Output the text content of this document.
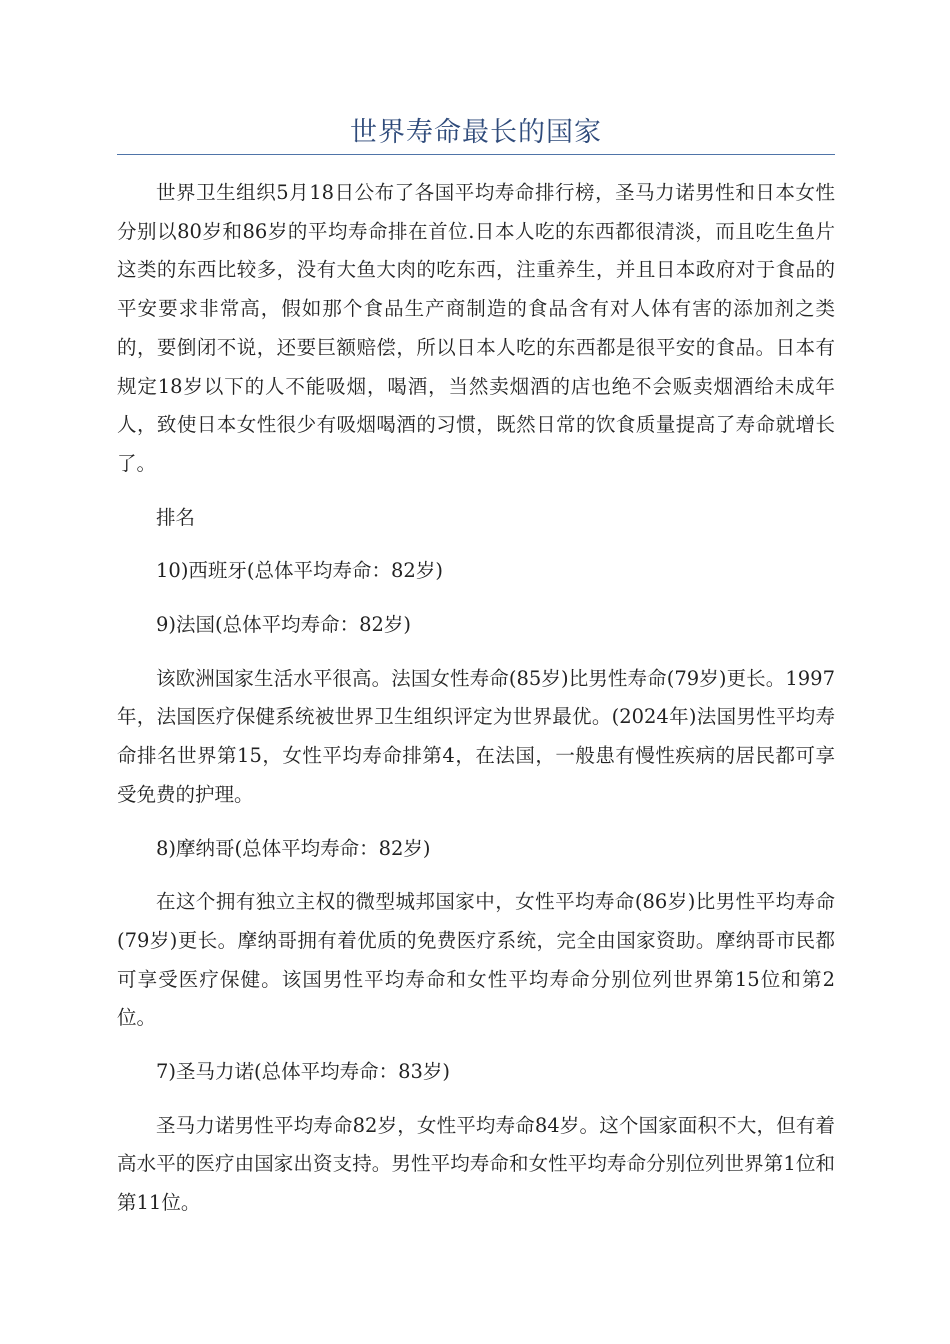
世界寿命最长的国家

世界卫生组织5月18日公布了各国平均寿命排行榜，圣马力诺男性和日本女性分别以80岁和86岁的平均寿命排在首位.日本人吃的东西都很清淡，而且吃生鱼片这类的东西比较多，没有大鱼大肉的吃东西，注重养生，并且日本政府对于食品的平安要求非常高，假如那个食品生产商制造的食品含有对人体有害的添加剂之类的，要倒闭不说，还要巨额赔偿，所以日本人吃的东西都是很平安的食品。日本有规定18岁以下的人不能吸烟，喝酒，当然卖烟酒的店也绝不会贩卖烟酒给未成年人，致使日本女性很少有吸烟喝酒的习惯，既然日常的饮食质量提高了寿命就增长了。

排名

10)西班牙(总体平均寿命：82岁)

9)法国(总体平均寿命：82岁)

该欧洲国家生活水平很高。法国女性寿命(85岁)比男性寿命(79岁)更长。1997年，法国医疗保健系统被世界卫生组织评定为世界最优。(2024年)法国男性平均寿命排名世界第15，女性平均寿命排第4，在法国，一般患有慢性疾病的居民都可享受免费的护理。

8)摩纳哥(总体平均寿命：82岁)

在这个拥有独立主权的微型城邦国家中，女性平均寿命(86岁)比男性平均寿命(79岁)更长。摩纳哥拥有着优质的免费医疗系统，完全由国家资助。摩纳哥市民都可享受医疗保健。该国男性平均寿命和女性平均寿命分别位列世界第15位和第2位。

7)圣马力诺(总体平均寿命：83岁)

圣马力诺男性平均寿命82岁，女性平均寿命84岁。这个国家面积不大，但有着高水平的医疗由国家出资支持。男性平均寿命和女性平均寿命分别位列世界第1位和第11位。
